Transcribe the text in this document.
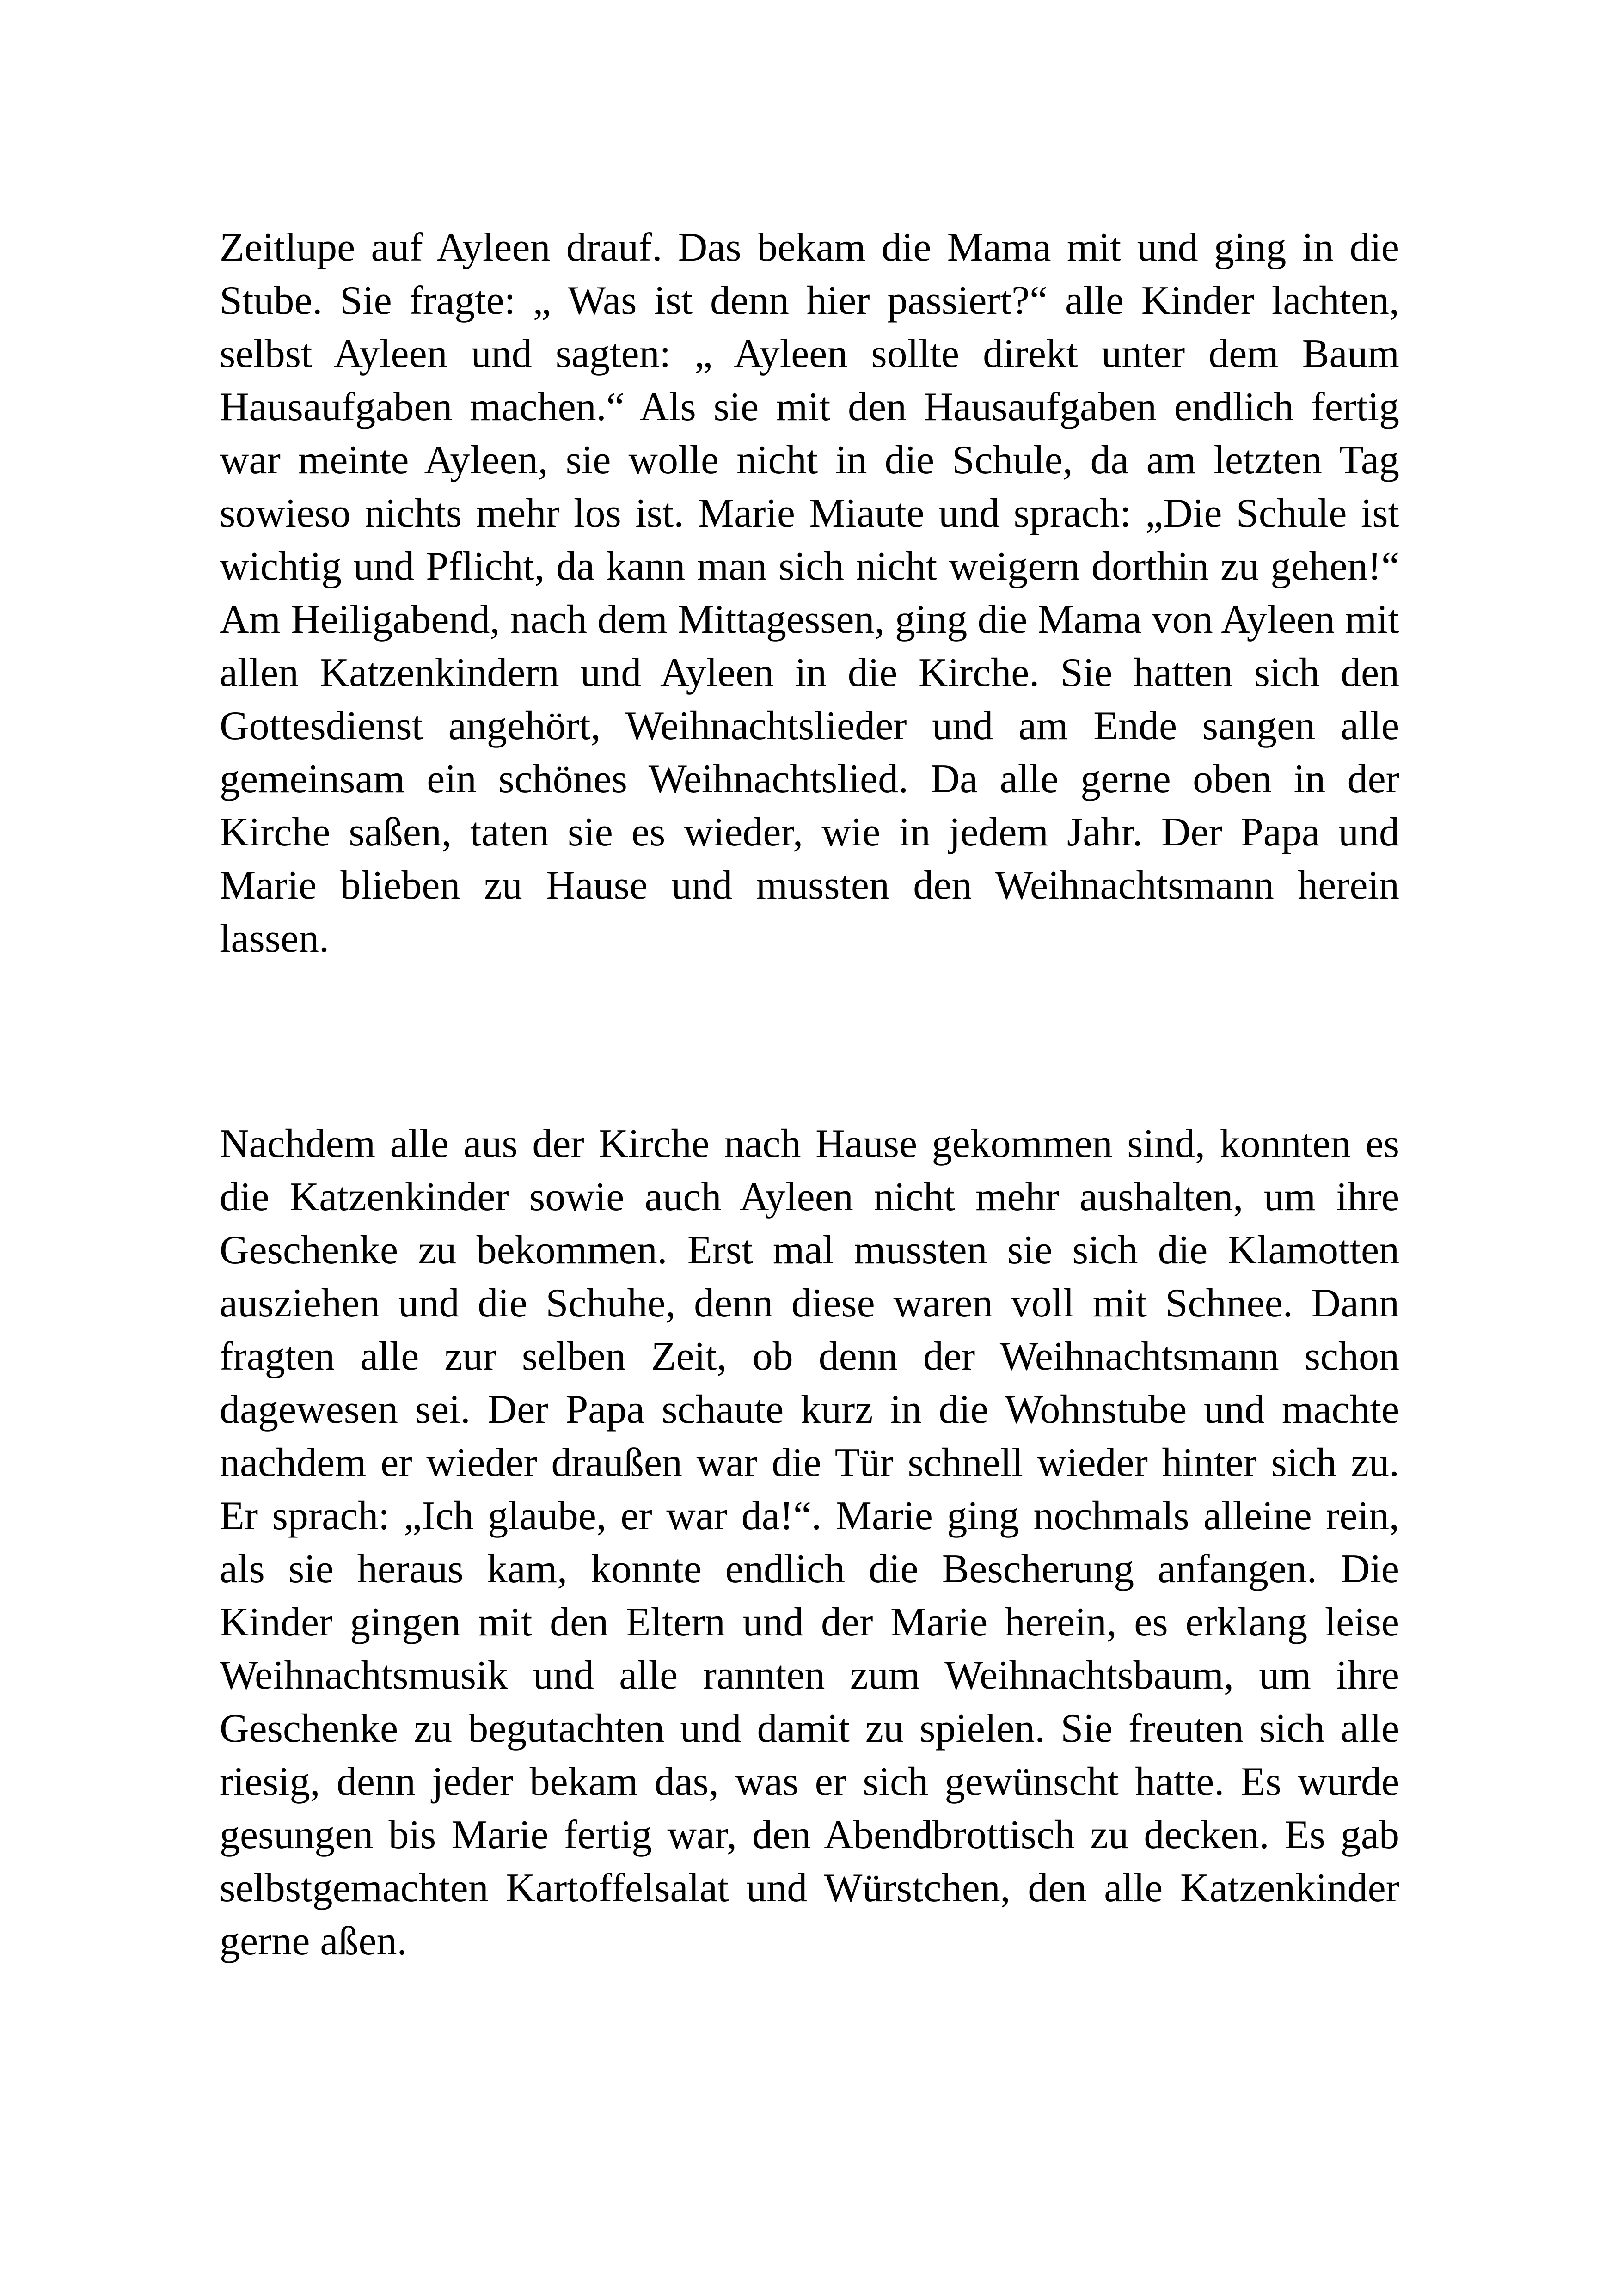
Zeitlupe auf Ayleen drauf. Das bekam die Mama mit und ging in die Stube. Sie fragte: „ Was ist denn hier passiert?“ alle Kinder lachten, selbst Ayleen und sagten: „ Ayleen sollte direkt unter dem Baum Hausaufgaben machen.“ Als sie mit den Hausaufgaben endlich fertig war meinte Ayleen, sie wolle nicht in die Schule, da am letzten Tag sowieso nichts mehr los ist. Marie Miaute und sprach: „Die Schule ist wichtig und Pflicht, da kann man sich nicht weigern dorthin zu gehen!“ Am Heiligabend, nach dem Mittagessen, ging die Mama von Ayleen mit allen Katzenkindern und Ayleen in die Kirche. Sie hatten sich den Gottesdienst angehört, Weihnachtslieder und am Ende sangen alle gemeinsam ein schönes Weihnachtslied. Da alle gerne oben in der Kirche saßen, taten sie es wieder, wie in jedem Jahr. Der Papa und Marie blieben zu Hause und mussten den Weihnachtsmann herein lassen.

Nachdem alle aus der Kirche nach Hause gekommen sind, konnten es die Katzenkinder sowie auch Ayleen nicht mehr aushalten, um ihre Geschenke zu bekommen. Erst mal mussten sie sich die Klamotten ausziehen und die Schuhe, denn diese waren voll mit Schnee. Dann fragten alle zur selben Zeit, ob denn der Weihnachtsmann schon dagewesen sei. Der Papa schaute kurz in die Wohnstube und machte nachdem er wieder draußen war die Tür schnell wieder hinter sich zu. Er sprach: „Ich glaube, er war da!“. Marie ging nochmals alleine rein, als sie heraus kam, konnte endlich die Bescherung anfangen. Die Kinder gingen mit den Eltern und der Marie herein, es erklang leise Weihnachtsmusik und alle rannten zum Weihnachtsbaum, um ihre Geschenke zu begutachten und damit zu spielen. Sie freuten sich alle riesig, denn jeder bekam das, was er sich gewünscht hatte. Es wurde gesungen bis Marie fertig war, den Abendbrottisch zu decken. Es gab selbstgemachten Kartoffelsalat und Würstchen, den alle Katzenkinder gerne aßen.
